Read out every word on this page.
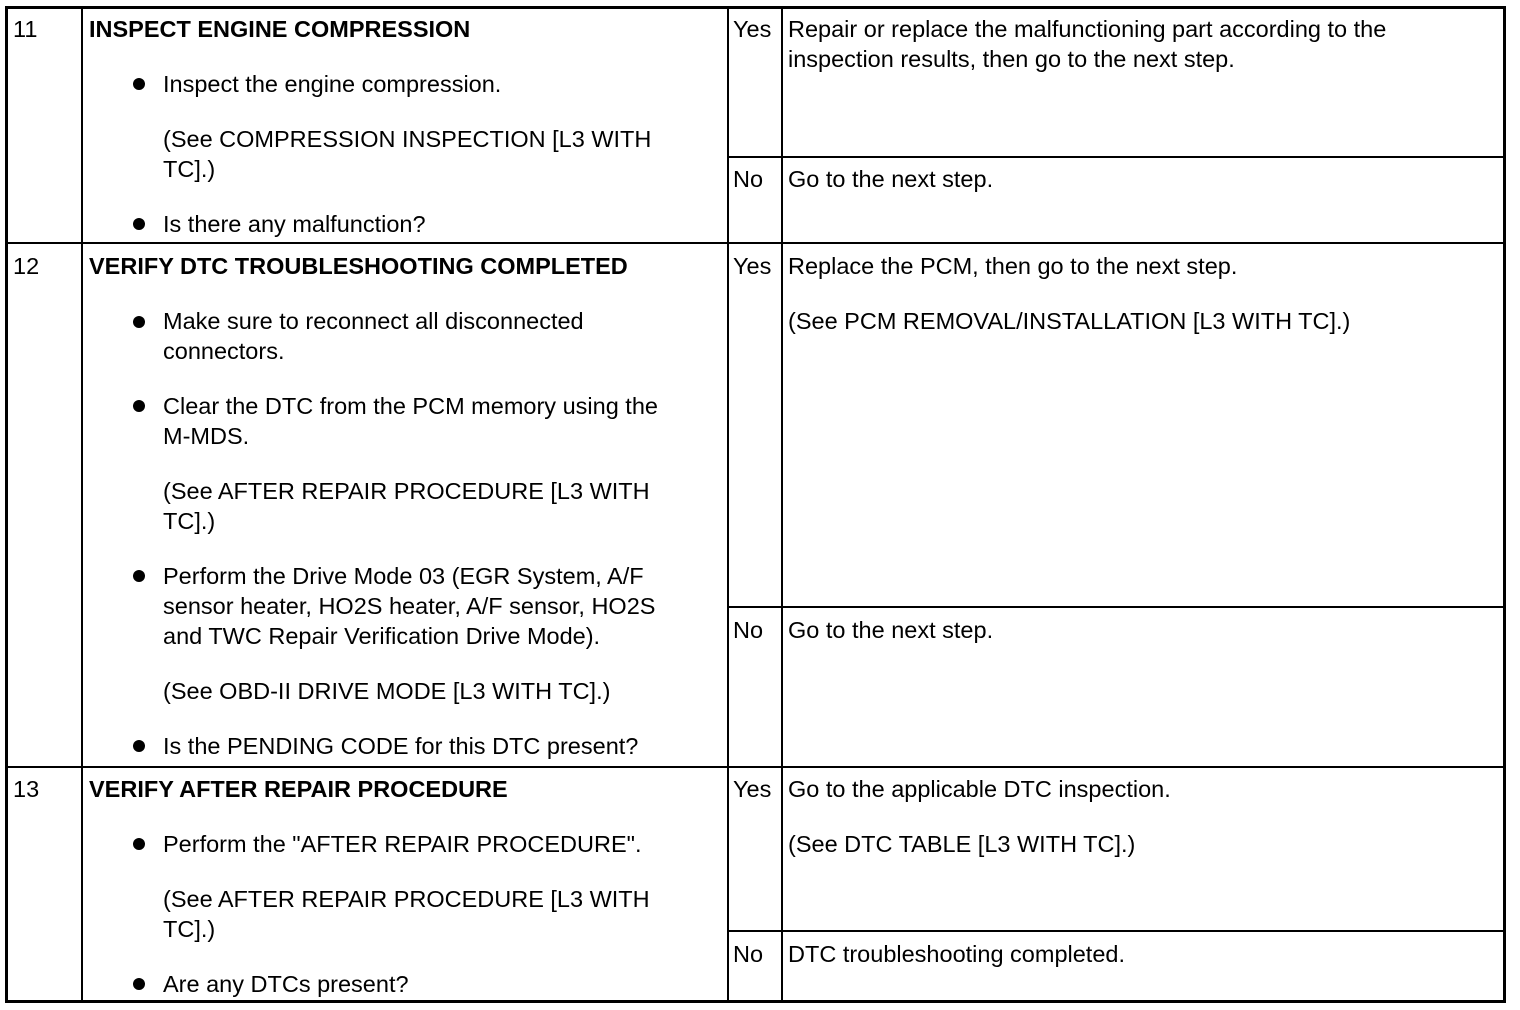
11 INSPECT ENGINE COMPRESSION
Inspect the engine compression.
(See COMPRESSION INSPECTION [L3 WITH
TC].)
Is there any malfunction?
Yes Repair or replace the malfunctioning part according to the
inspection results, then go to the next step.
No Go to the next step.
12 VERIFY DTC TROUBLESHOOTING COMPLETED
Make sure to reconnect all disconnected
connectors.
Clear the DTC from the PCM memory using the
M-MDS.
(See AFTER REPAIR PROCEDURE [L3 WITH
TC].)
Perform the Drive Mode 03 (EGR System, A/F
sensor heater, HO2S heater, A/F sensor, HO2S
and TWC Repair Verification Drive Mode).
(See OBD-II DRIVE MODE [L3 WITH TC].)
Is the PENDING CODE for this DTC present?
Yes Replace the PCM, then go to the next step.
(See PCM REMOVAL/INSTALLATION [L3 WITH TC].)
No Go to the next step.
13 VERIFY AFTER REPAIR PROCEDURE
Perform the "AFTER REPAIR PROCEDURE".
(See AFTER REPAIR PROCEDURE [L3 WITH
TC].)
Are any DTCs present?
Yes Go to the applicable DTC inspection.
(See DTC TABLE [L3 WITH TC].)
No DTC troubleshooting completed.
